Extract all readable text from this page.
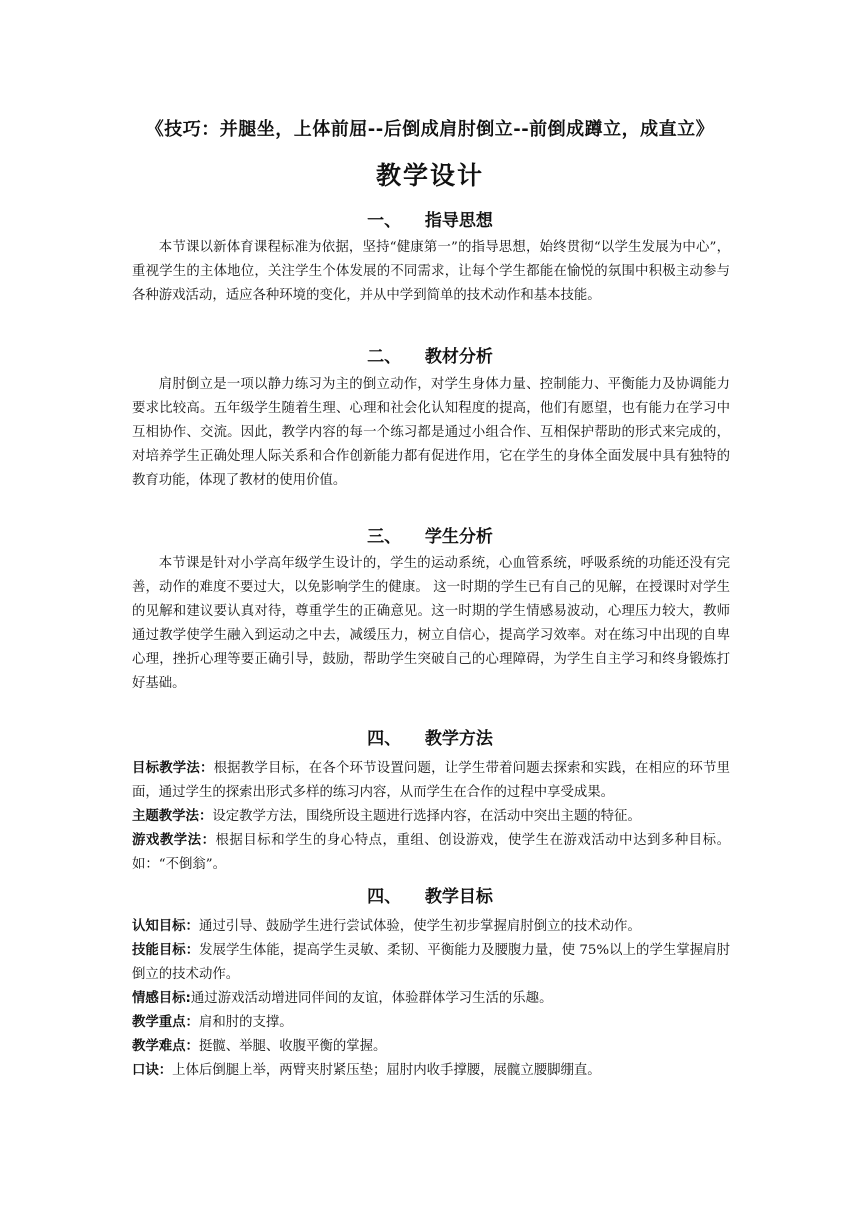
《技巧：并腿坐，上体前屈--后倒成肩肘倒立--前倒成蹲立，成直立》
教学设计
一、    指导思想
本节课以新体育课程标准为依据，坚持“健康第一”的指导思想，始终贯彻“以学生发展为中心”，重视学生的主体地位，关注学生个体发展的不同需求，让每个学生都能在愉悦的氛围中积极主动参与各种游戏活动，适应各种环境的变化，并从中学到简单的技术动作和基本技能。
二、    教材分析
肩肘倒立是一项以静力练习为主的倒立动作，对学生身体力量、控制能力、平衡能力及协调能力要求比较高。五年级学生随着生理、心理和社会化认知程度的提高，他们有愿望，也有能力在学习中互相协作、交流。因此，教学内容的每一个练习都是通过小组合作、互相保护帮助的形式来完成的，对培养学生正确处理人际关系和合作创新能力都有促进作用，它在学生的身体全面发展中具有独特的教育功能，体现了教材的使用价值。
三、    学生分析
本节课是针对小学高年级学生设计的，学生的运动系统，心血管系统，呼吸系统的功能还没有完善，动作的难度不要过大，以免影响学生的健康。 这一时期的学生已有自己的见解，在授课时对学生的见解和建议要认真对待，尊重学生的正确意见。这一时期的学生情感易波动，心理压力较大，教师通过教学使学生融入到运动之中去，减缓压力，树立自信心，提高学习效率。对在练习中出现的自卑心理，挫折心理等要正确引导，鼓励，帮助学生突破自己的心理障碍，为学生自主学习和终身锻炼打好基础。
四、    教学方法
目标教学法：根据教学目标，在各个环节设置问题，让学生带着问题去探索和实践，在相应的环节里面，通过学生的探索出形式多样的练习内容，从而学生在合作的过程中享受成果。
主题教学法：设定教学方法，围绕所设主题进行选择内容，在活动中突出主题的特征。
游戏教学法：根据目标和学生的身心特点，重组、创设游戏，使学生在游戏活动中达到多种目标。如：“不倒翁”。
四、    教学目标
认知目标：通过引导、鼓励学生进行尝试体验，使学生初步掌握肩肘倒立的技术动作。
技能目标：发展学生体能，提高学生灵敏、柔韧、平衡能力及腰腹力量，使 75%以上的学生掌握肩肘倒立的技术动作。
情感目标:通过游戏活动增进同伴间的友谊，体验群体学习生活的乐趣。
教学重点：肩和肘的支撑。
教学难点：挺髋、举腿、收腹平衡的掌握。
口诀：上体后倒腿上举，两臂夹肘紧压垫；屈肘内收手撑腰，展髋立腰脚绷直。
